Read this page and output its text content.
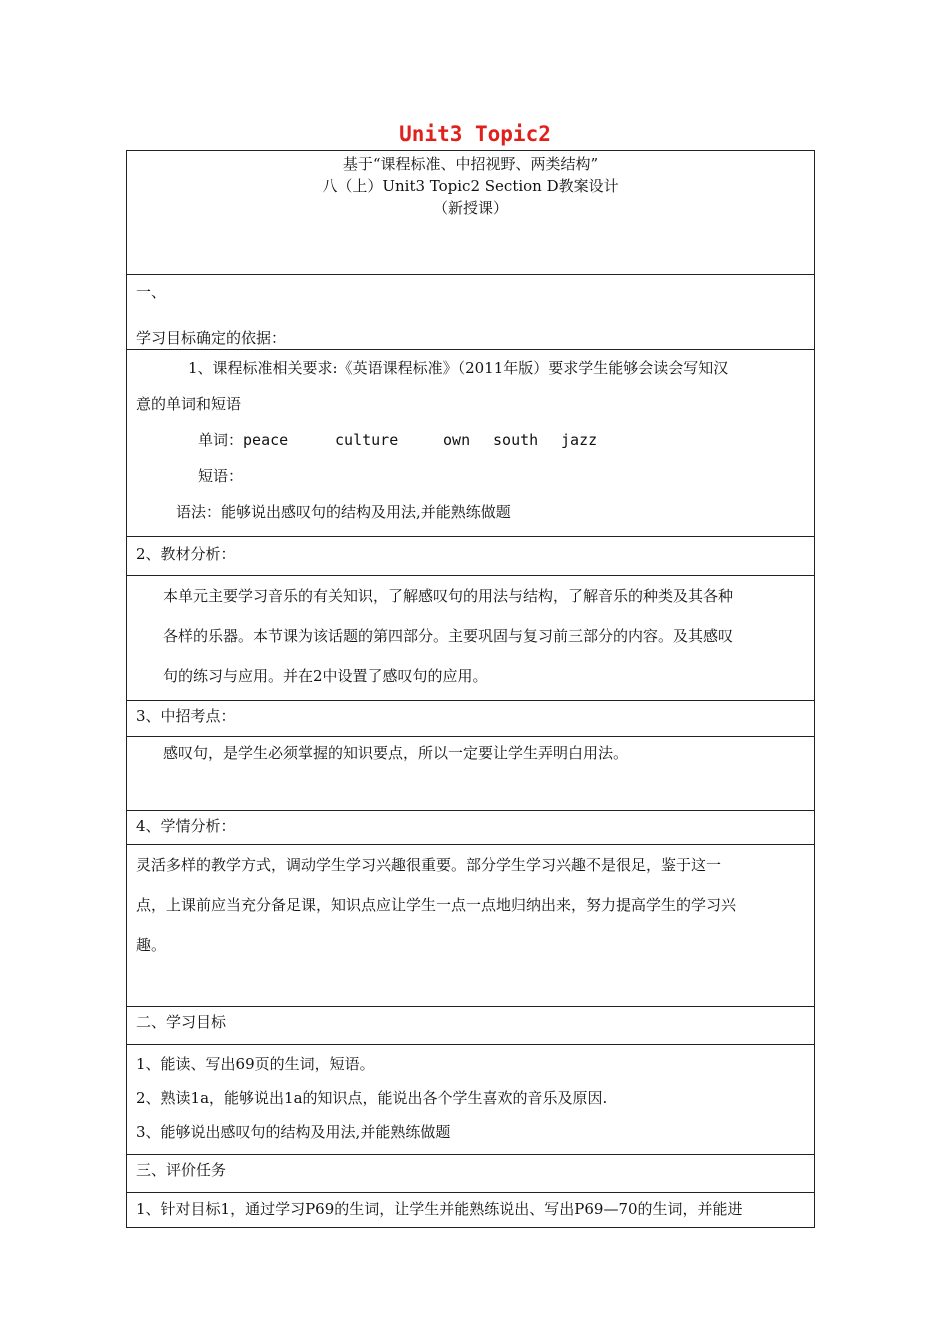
Unit3 Topic2
基于“课程标准、中招视野、两类结构”
八（上）Unit3 Topic2 Section D教案设计
（新授课）

一、
学习目标确定的依据：

1、课程标准相关要求:《英语课程标准》（2011年版）要求学生能够会读会写知汉
意的单词和短语
单词：peace	culture	own south jazz
短语：
语法：能够说出感叹句的结构及用法,并能熟练做题

2、教材分析：

本单元主要学习音乐的有关知识，了解感叹句的用法与结构，了解音乐的种类及其各种
各样的乐器。本节课为该话题的第四部分。主要巩固与复习前三部分的内容。及其感叹
句的练习与应用。并在2中设置了感叹句的应用。

3、中招考点：

感叹句，是学生必须掌握的知识要点，所以一定要让学生弄明白用法。

4、学情分析：

灵活多样的教学方式，调动学生学习兴趣很重要。部分学生学习兴趣不是很足，鉴于这一
点，上课前应当充分备足课，知识点应让学生一点一点地归纳出来，努力提高学生的学习兴
趣。

二、学习目标

1、能读、写出69页的生词，短语。
2、熟读1a，能够说出1a的知识点，能说出各个学生喜欢的音乐及原因.
3、能够说出感叹句的结构及用法,并能熟练做题

三、评价任务

1、针对目标1，通过学习P69的生词，让学生并能熟练说出、写出P69—70的生词，并能进
